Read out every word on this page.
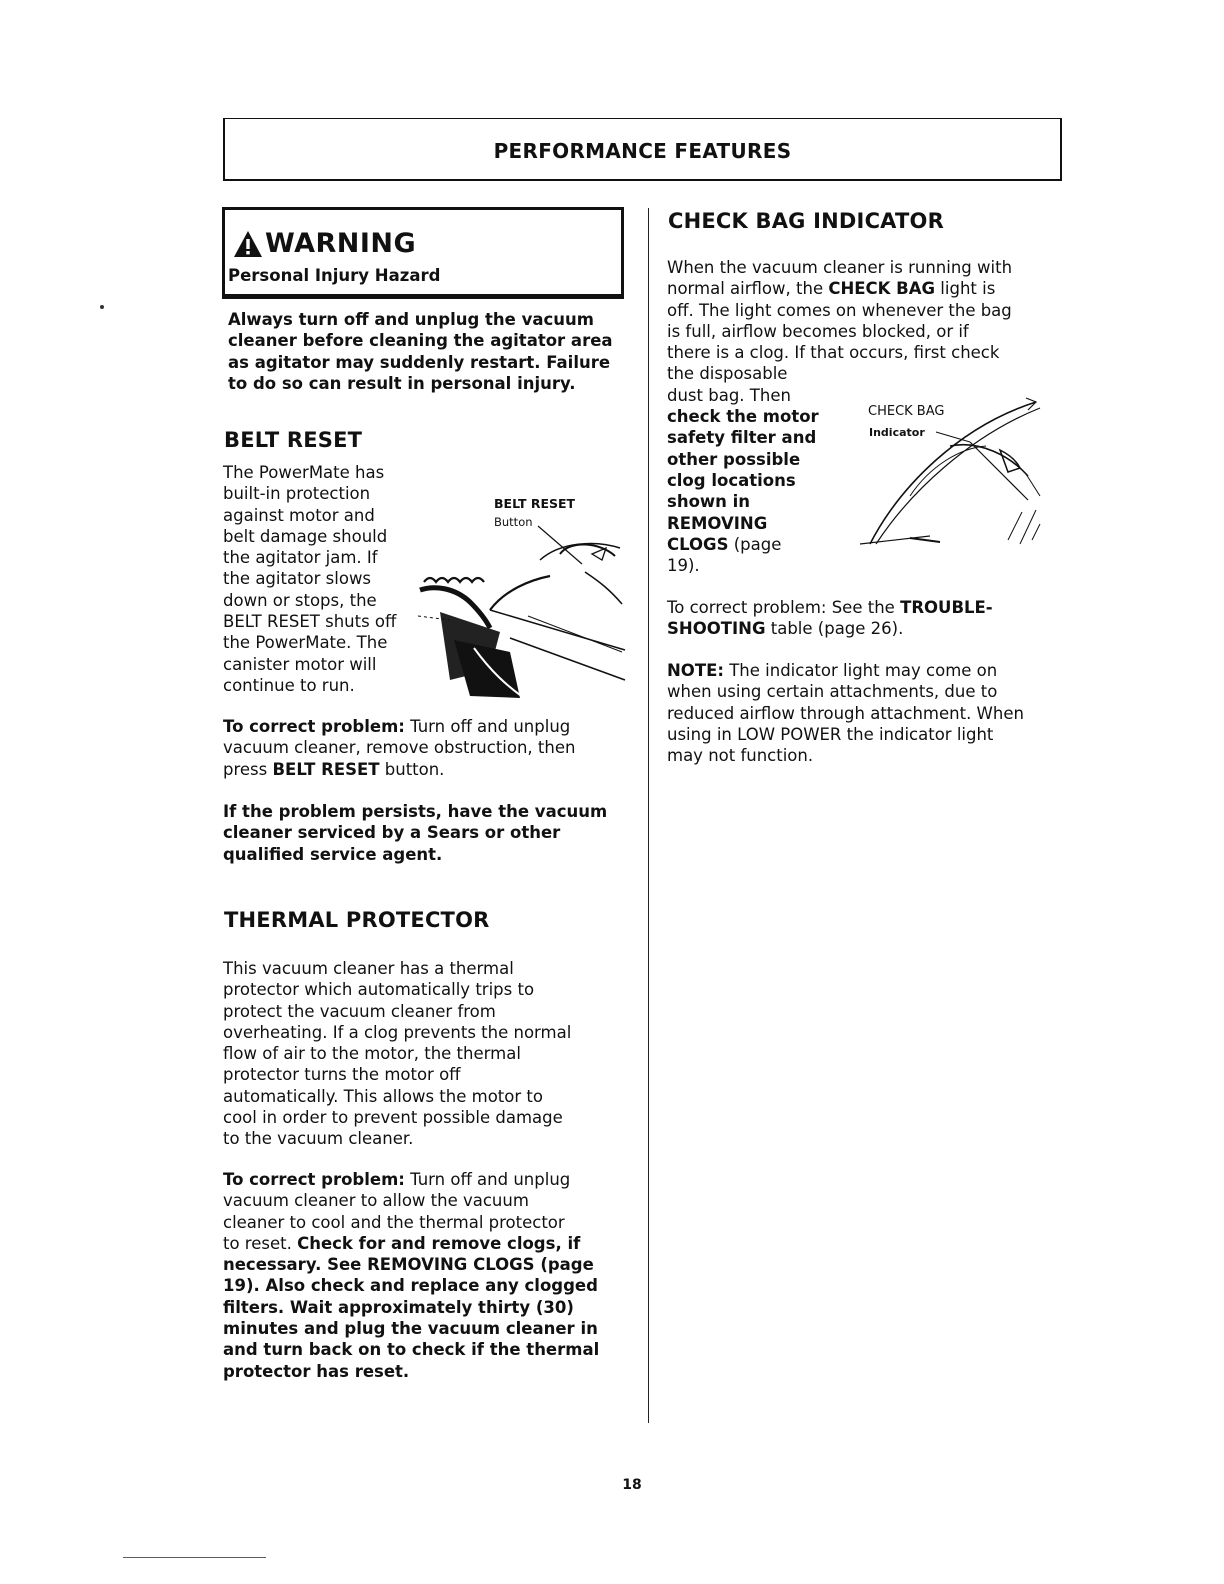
PERFORMANCE FEATURES
WARNING
Personal Injury Hazard
Always turn off and unplug the vacuum
cleaner before cleaning the agitator area
as agitator may suddenly restart. Failure
to do so can result in personal injury.
BELT RESET
The PowerMate has
built-in protection
against motor and
belt damage should
the agitator jam. If
the agitator slows
down or stops, the
BELT RESET shuts off
the PowerMate. The
canister motor will
continue to run.
BELT RESET
Button
To correct problem: Turn off and unplug
vacuum cleaner, remove obstruction, then
press BELT RESET button.
If the problem persists, have the vacuum
cleaner serviced by a Sears or other
qualified service agent.
THERMAL PROTECTOR
This vacuum cleaner has a thermal
protector which automatically trips to
protect the vacuum cleaner from
overheating. If a clog prevents the normal
flow of air to the motor, the thermal
protector turns the motor off
automatically. This allows the motor to
cool in order to prevent possible damage
to the vacuum cleaner.
To correct problem: Turn off and unplug
vacuum cleaner to allow the vacuum
cleaner to cool and the thermal protector
to reset. Check for and remove clogs, if
necessary. See REMOVING CLOGS (page
19). Also check and replace any clogged
filters. Wait approximately thirty (30)
minutes and plug the vacuum cleaner in
and turn back on to check if the thermal
protector has reset.
CHECK BAG INDICATOR
When the vacuum cleaner is running with
normal airflow, the CHECK BAG light is
off. The light comes on whenever the bag
is full, airflow becomes blocked, or if
there is a clog. If that occurs, first check
the disposable
dust bag. Then
check the motor
safety filter and
other possible
clog locations
shown in
REMOVING
CLOGS (page
19).
CHECK BAG
Indicator
To correct problem: See the TROUBLE-
SHOOTING table (page 26).
NOTE: The indicator light may come on
when using certain attachments, due to
reduced airflow through attachment. When
using in LOW POWER the indicator light
may not function.
18
